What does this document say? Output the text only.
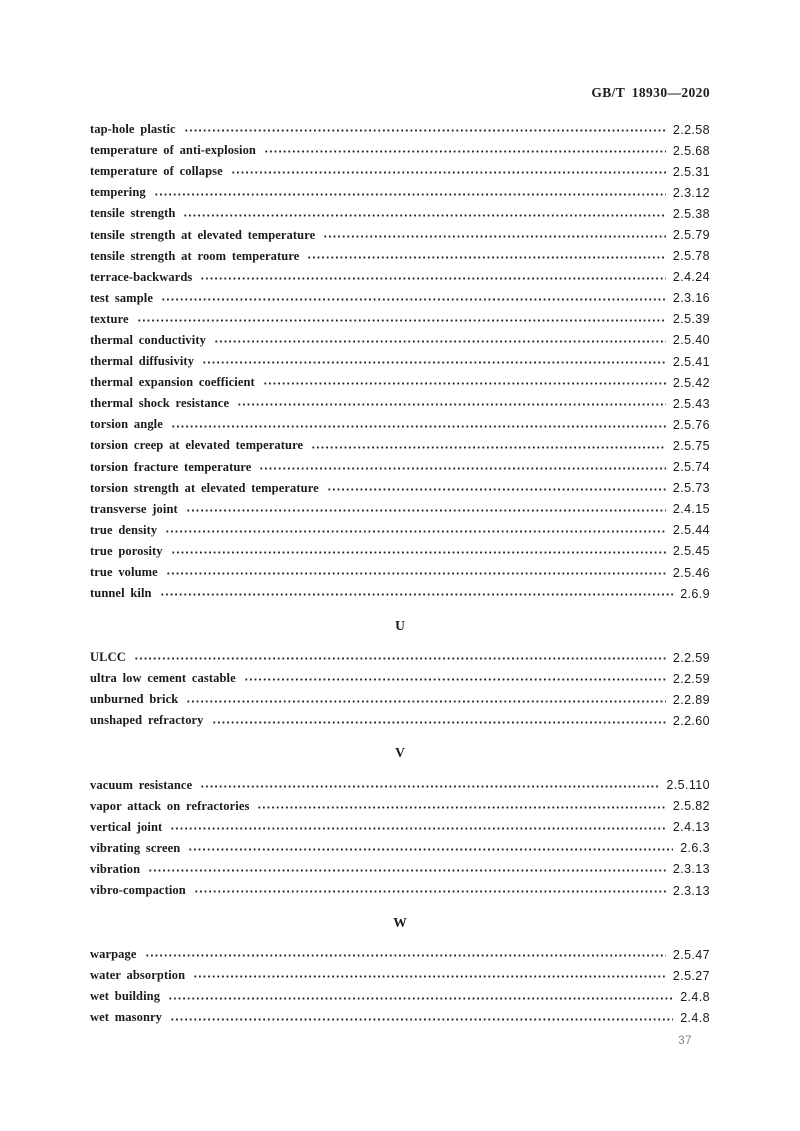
GB/T 18930—2020
tap-hole plastic	2.2.58
temperature of anti-explosion	2.5.68
temperature of collapse	2.5.31
tempering	2.3.12
tensile strength	2.5.38
tensile strength at elevated temperature	2.5.79
tensile strength at room temperature	2.5.78
terrace-backwards	2.4.24
test sample	2.3.16
texture	2.5.39
thermal conductivity	2.5.40
thermal diffusivity	2.5.41
thermal expansion coefficient	2.5.42
thermal shock resistance	2.5.43
torsion angle	2.5.76
torsion creep at elevated temperature	2.5.75
torsion fracture temperature	2.5.74
torsion strength at elevated temperature	2.5.73
transverse joint	2.4.15
true density	2.5.44
true porosity	2.5.45
true volume	2.5.46
tunnel kiln	2.6.9
U
ULCC	2.2.59
ultra low cement castable	2.2.59
unburned brick	2.2.89
unshaped refractory	2.2.60
V
vacuum resistance	2.5.110
vapor attack on refractories	2.5.82
vertical joint	2.4.13
vibrating screen	2.6.3
vibration	2.3.13
vibro-compaction	2.3.13
W
warpage	2.5.47
water absorption	2.5.27
wet building	2.4.8
wet masonry	2.4.8
37
